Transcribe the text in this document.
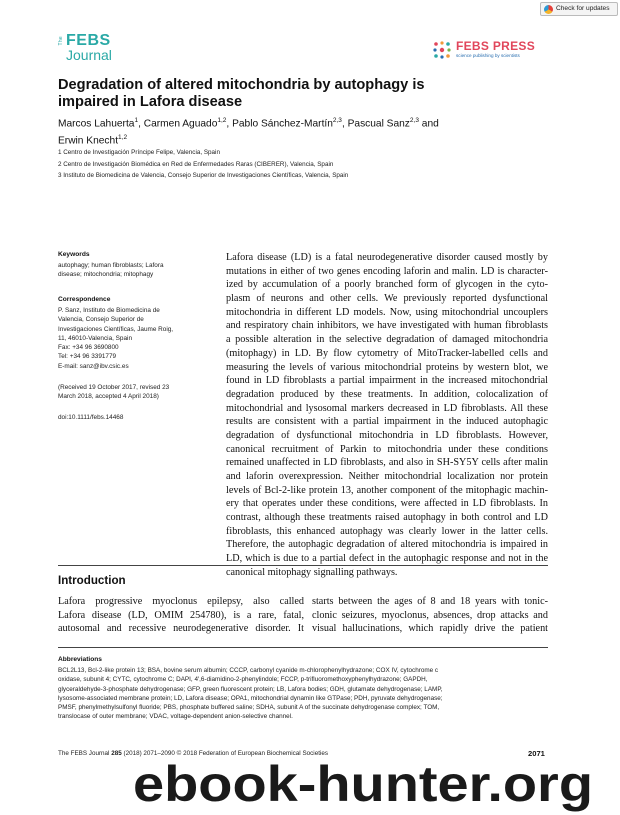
Check for updates
The FEBS
Journal
FEBS PRESS
science publishing by scientists
Degradation of altered mitochondria by autophagy is
impaired in Lafora disease
Marcos Lahuerta$^1$, Carmen Aguado$^{1,2}$, Pablo Sánchez-Martín$^{2,3}$, Pascual Sanz$^{2,3}$ and
Erwin Knecht$^{1,2}$
1 Centro de Investigación Príncipe Felipe, Valencia, Spain
2 Centro de Investigación Biomédica en Red de Enfermedades Raras (CIBERER), Valencia, Spain
3 Instituto de Biomedicina de Valencia, Consejo Superior de Investigaciones Científicas, Valencia, Spain
Keywords
autophagy; human fibroblasts; Lafora
disease; mitochondria; mitophagy
Correspondence
P. Sanz, Instituto de Biomedicina de
Valencia, Consejo Superior de
Investigaciones Científicas, Jaume Roig,
11, 46010-Valencia, Spain
Fax: +34 96 3690800
Tel: +34 96 3391779
E-mail: sanz@ibv.csic.es
(Received 19 October 2017, revised 23
March 2018, accepted 4 April 2018)
doi:10.1111/febs.14468
Lafora disease (LD) is a fatal neurodegenerative disorder caused mostly by
mutations in either of two genes encoding laforin and malin. LD is character-
ized by accumulation of a poorly branched form of glycogen in the cyto-
plasm of neurons and other cells. We previously reported dysfunctional
mitochondria in different LD models. Now, using mitochondrial uncouplers
and respiratory chain inhibitors, we have investigated with human fibroblasts
a possible alteration in the selective degradation of damaged mitochondria
(mitophagy) in LD. By flow cytometry of MitoTracker-labelled cells and
measuring the levels of various mitochondrial proteins by western blot, we
found in LD fibroblasts a partial impairment in the increased mitochondrial
degradation produced by these treatments. In addition, colocalization of
mitochondrial and lysosomal markers decreased in LD fibroblasts. All these
results are consistent with a partial impairment in the induced autophagic
degradation of dysfunctional mitochondria in LD fibroblasts. However,
canonical recruitment of Parkin to mitochondria under these conditions
remained unaffected in LD fibroblasts, and also in SH-SY5Y cells after malin
and laforin overexpression. Neither mitochondrial localization nor protein
levels of Bcl-2-like protein 13, another component of the mitophagic machin-
ery that operates under these conditions, were affected in LD fibroblasts. In
contrast, although these treatments raised autophagy in both control and LD
fibroblasts, this enhanced autophagy was clearly lower in the latter cells.
Therefore, the autophagic degradation of altered mitochondria is impaired in
LD, which is due to a partial defect in the autophagic response and not in the
canonical mitophagy signalling pathways.
Introduction
Lafora progressive myoclonus epilepsy, also called
Lafora disease (LD, OMIM 254780), is a rare, fatal,
autosomal and recessive neurodegenerative disorder. It
starts between the ages of 8 and 18 years with tonic-
clonic seizures, myoclonus, absences, drop attacks and
visual hallucinations, which rapidly drive the patient
Abbreviations
BCL2L13, Bcl-2-like protein 13; BSA, bovine serum albumin; CCCP, carbonyl cyanide m-chlorophenylhydrazone; COX IV, cytochrome c
oxidase, subunit 4; CYTC, cytochrome C; DAPI, 4′,6-diamidino-2-phenylindole; FCCP, p-trifluoromethoxyphenylhydrazone; GAPDH,
glyceraldehyde-3-phosphate dehydrogenase; GFP, green fluorescent protein; LB, Lafora bodies; GDH, glutamate dehydrogenase; LAMP,
lysosome-associated membrane protein; LD, Lafora disease; OPA1, mitochondrial dynamin like GTPase; PDH, pyruvate dehydrogenase;
PMSF, phenylmethylsulfonyl fluoride; PBS, phosphate buffered saline; SDHA, subunit A of the succinate dehydrogenase complex; TOM,
translocase of outer membrane; VDAC, voltage-dependent anion-selective channel.
The FEBS Journal 285 (2018) 2071–2090 © 2018 Federation of European Biochemical Societies	2071
ebook-hunter.org
